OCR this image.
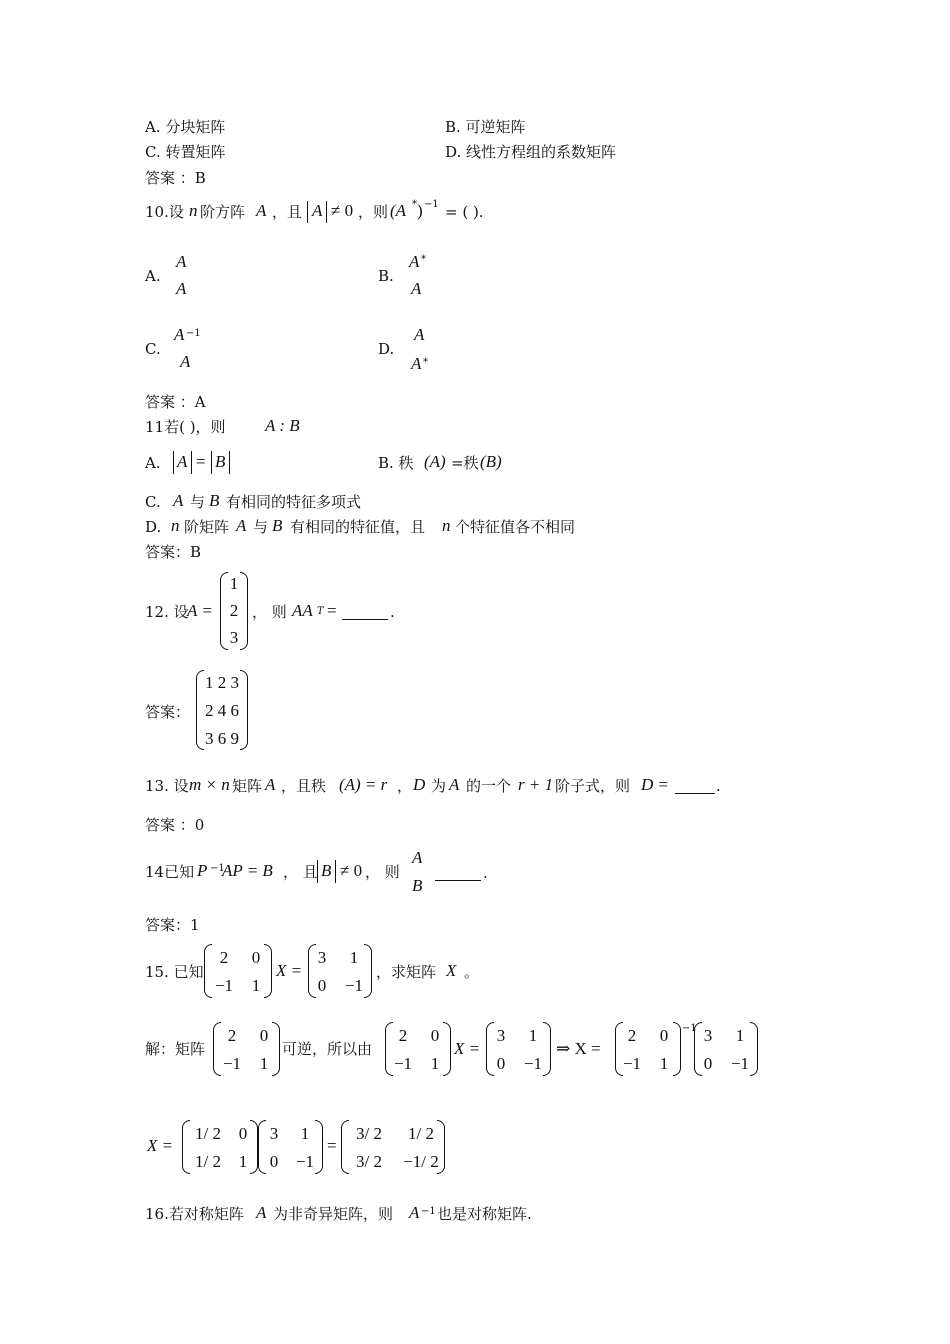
A. 分块矩阵	B. 可逆矩阵
C. 转置矩阵	D. 线性方程组的系数矩阵
答案 ：B
10.设 n 阶方阵 A ，且 A ≠ 0 ，则 (A * ) −1 = ( ).
A.
A
A
B.
A *
A
C.
A −1
A
D.
A
A *
答案 ：A
11若( )，则 A : B
A. A = B	B. 秩 (A) =秩 (B)
C. A 与 B 有相同的特征多项式
D. n 阶矩阵 A 与 B 有相同的特征值，且 n 个特征值各不相同
答案：B
12. 设
A =
1
2
3
， 则 AA T =	.
答案：
1 2 3
2 4 6
3 6 9
13. 设 m × n 矩阵 A ，且秩 (A) = r ， D 为 A 的一个 r + 1 阶子式，则 D =	.
答案 ：0
14已知 P −1
AP = B ， 且 B ≠ 0 ， 则
A
B
.
答案：1
15. 已知
2	0
−1	1
X =
3	1
0	−1
，求矩阵 X 。
解：矩阵
2	0
−1	1
可逆，所以由
2	0
−1	1
X =
3	1
0	−1
⇒ X =
2	0
−1	1
−1 3	1
0	−1
X =
1/ 2	0
1/ 2	1
3	1
0	−1
=
3/ 2	1/ 2
3/ 2	−1/ 2
16.若对称矩阵 A 为非奇异矩阵，则 A −1 也是对称矩阵.
